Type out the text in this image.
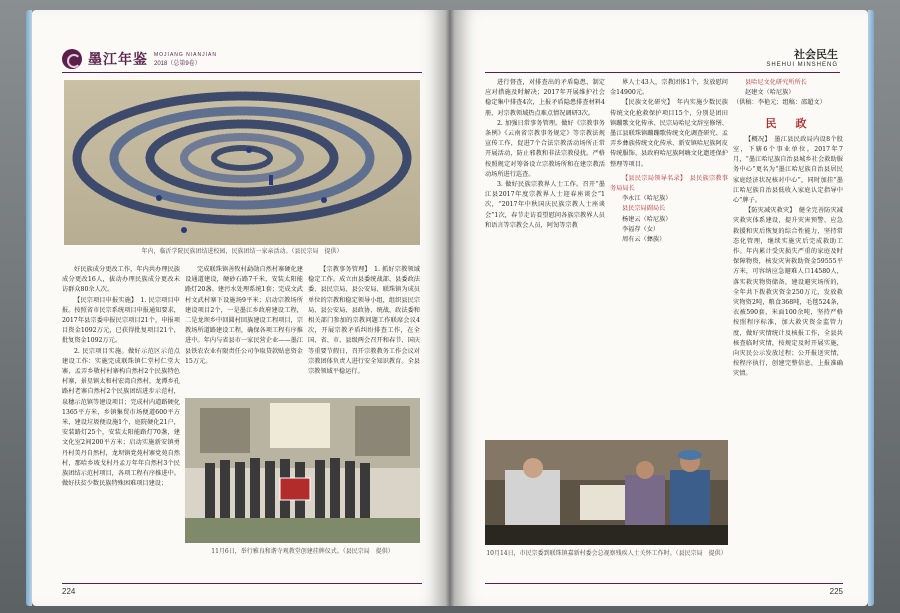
墨江年鉴 MOJIANG NIANJIAN
2018（总第9卷）
年内，临沂学院民族团结进校园，民族团结一家亲活动。（县民宗局　提供）

好民族成分更改工作，年内共办理民族成分更改16人，拔动办理民族成分更改未访群众80余人次。

【民宗项目申报实施】　1. 民宗项目申报。按照省市民宗系统项目申报通知要求，2017年县宗委申报民宗项目21个，申报项目资金1092万元，已获得批复项目21个，批复资金1092万元。

2. 民宗项目实施。做好示范区示范点建设工作：实施完成联珠镇仁堂村仁堂大寨、孟弄乡敬村村寨构自然村2个民族特色村寨，景星镇太和村宏湾自然村，龙潭乡孔路村老寨自然村2个民族团结进步示范村，泉穗示范镇等建设项目；完成村内道路硬化1365平方米，乡镇集贸市场便道600平方米，建设垃圾便设施1个，庭院硬化21户，安装路灯25个，安装太阳能路灯70盏，建文化室2间200平方米；启动实施新安镇勇丹村美丹自然村，龙坝镇党苑村寨党苑自然村，那哈乡坡戈村丹孟万年年自然村3个民族团结示范村项目，各项工程有序推进中。做好扶贫少数民族特殊困难项目建设；

完成联珠镇善牧村勐勋自然村寨硬化建设通道建设，硬砂石路7千米，安装太阳能路灯20盏、建污水处理系统1套；完成文武村文武村寨下设施场9平米；启动宗教场所建设项目2个，一是墨江乡政府建设工程，二是龙坝乡中回圆村回族建设工程项目，宗教场所道路建设工程，确保各项工程有序推进中。年内与省县市一家民营企业——墨江县铁农农业有限责任公司争取贷款贴息资金15万元。

【宗教事务管理】　1. 抓好宗教领域稳定工作。成立由县委统战部、县委政法委、县民宗局、县公安局、联珠镇为成员单位的宗教和稳定领导小组，组织县民宗局、县公安局、县政协、统战、政法委和相关部门参加的宗教问题工作联席会议4次，开展宗教矛盾纠纷排查工作，在全国、省、市、县级两会召开和春节、国庆等重要节假日，召开宗教教务工作会议对宗教团体负责人进行安全知识教育。全县宗教领域平稳运行。

11月6日，举行雅良和谐寺观教堂创建挂牌仪式。（县民宗局　提供）
224
社会民生
SHEHUI MINSHENG

进行督查，对排查出的矛盾隐患，制定应对措施及时解决；2017年开展维护社会稳定集中排查4次，上报矛盾隐患排查材料4册，对宗教领域热点难点情况调研3次。

2. 加强日常事务管理。做好《宗教事务条例》《云南省宗教事务规定》等宗教法规宣传工作，促进7个合法宗教活动场所正常开展活动，防止邪教和非法宗教侵扰。严格按照规定对筹备设立宗教场所和在建宗教活动场所进行巡查。

3. 做好民族宗教界人士工作。召开“墨江县2017年度宗教界人士迎春座谈会”1次，“2017年中秋国庆民族宗教人士座谈会”1次，春节走访看望慰问各族宗教界人员和语言等宗教会人员，阿訇等宗教

界人士43人，宗教团体1个，发放慰问金14900元。

【民族文化研究】　年内实施少数民族传统文化抢救保护项目15个，分别是团田镇蹦歌文化传承、民宗局哈尼文辞室修缮、墨江县联珠镇蹦蹦歌传统文化调查研究、孟弄乡彝族传统文化传承、新安镇哈尼族阿皮传统服饰、县政府哈尼族阿嗨文化遗迹保护整理等项目。

【县民宗局领导名录】　县民族宗教事务局局长

李永江（哈尼族）

县民宗局副局长

杨建云（哈尼族）

李福存（女）

周有云（彝族）

县哈尼文化研究所所长

赵建文（哈尼族）

（供稿：李艳元；组稿：邵超文）

民　政

【概况】　墨江县民政局内设8个股室，下辖6个事业单位。2017年7月，“墨江哈尼族自治县城乡社会救助服务中心”更名为“墨江哈尼族自治县居民家庭经济状况核对中心”，同时加挂“墨江哈尼族自治县低收入家庭认定指导中心”牌子。

【防灾减灾救灾】　健全完善防灾减灾救灾体系建设，提升灾害预警、应急救援和灾后恢复的综合性能力，坚持常态化管理，继续实施灾后完成救助工作。年内累计受灾损失严重的家庭及时保障物资，核发灾害救助资金59555平方米，可容纳应急避难人口14580人，落实救灾物资储备，建设避灾场所的，全年共下拨救灾资金250万元，发放救灾物资2吨，粮食368吨，毛毯524条，衣被590套，米面100余吨，坚持严格按照程序标准，加大救灾资金监管力度，做好灾情统计及核报工作，全县共核查临时灾情，按规定及时开展实施，向灾民公示发放过程；公开报送灾情，按程序执行，创建完整信息，上报准确灾情。

10月14日，市民宗委到联珠镇嘉新村委会总视察残疾人士关怀工作时。（县民宗局　提供）
225
